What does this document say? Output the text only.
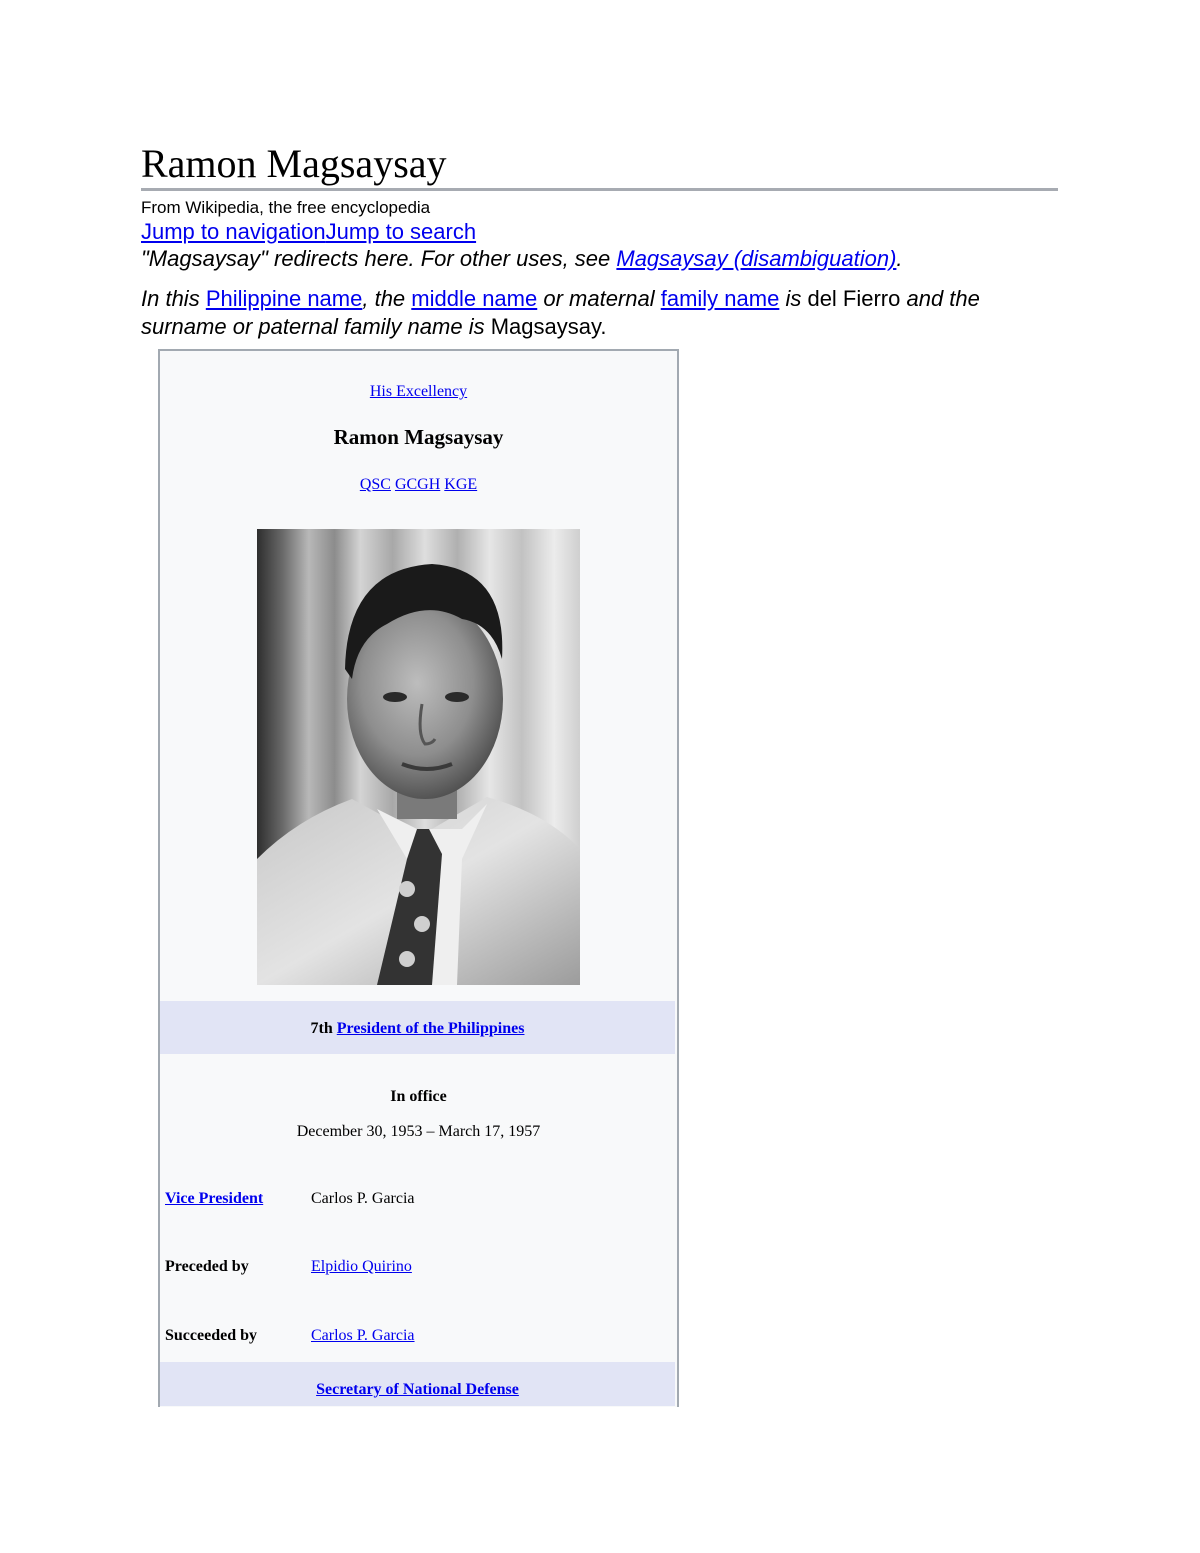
Ramon Magsaysay
From Wikipedia, the free encyclopedia
Jump to navigationJump to search
"Magsaysay" redirects here. For other uses, see Magsaysay (disambiguation).
In this Philippine name, the middle name or maternal family name is del Fierro and the surname or paternal family name is Magsaysay.
His Excellency
Ramon Magsaysay
QSC GCGH KGE
7th President of the Philippines
In office
December 30, 1953 – March 17, 1957
Vice President	Carlos P. Garcia
Preceded by	Elpidio Quirino
Succeeded by	Carlos P. Garcia
Secretary of National Defense
